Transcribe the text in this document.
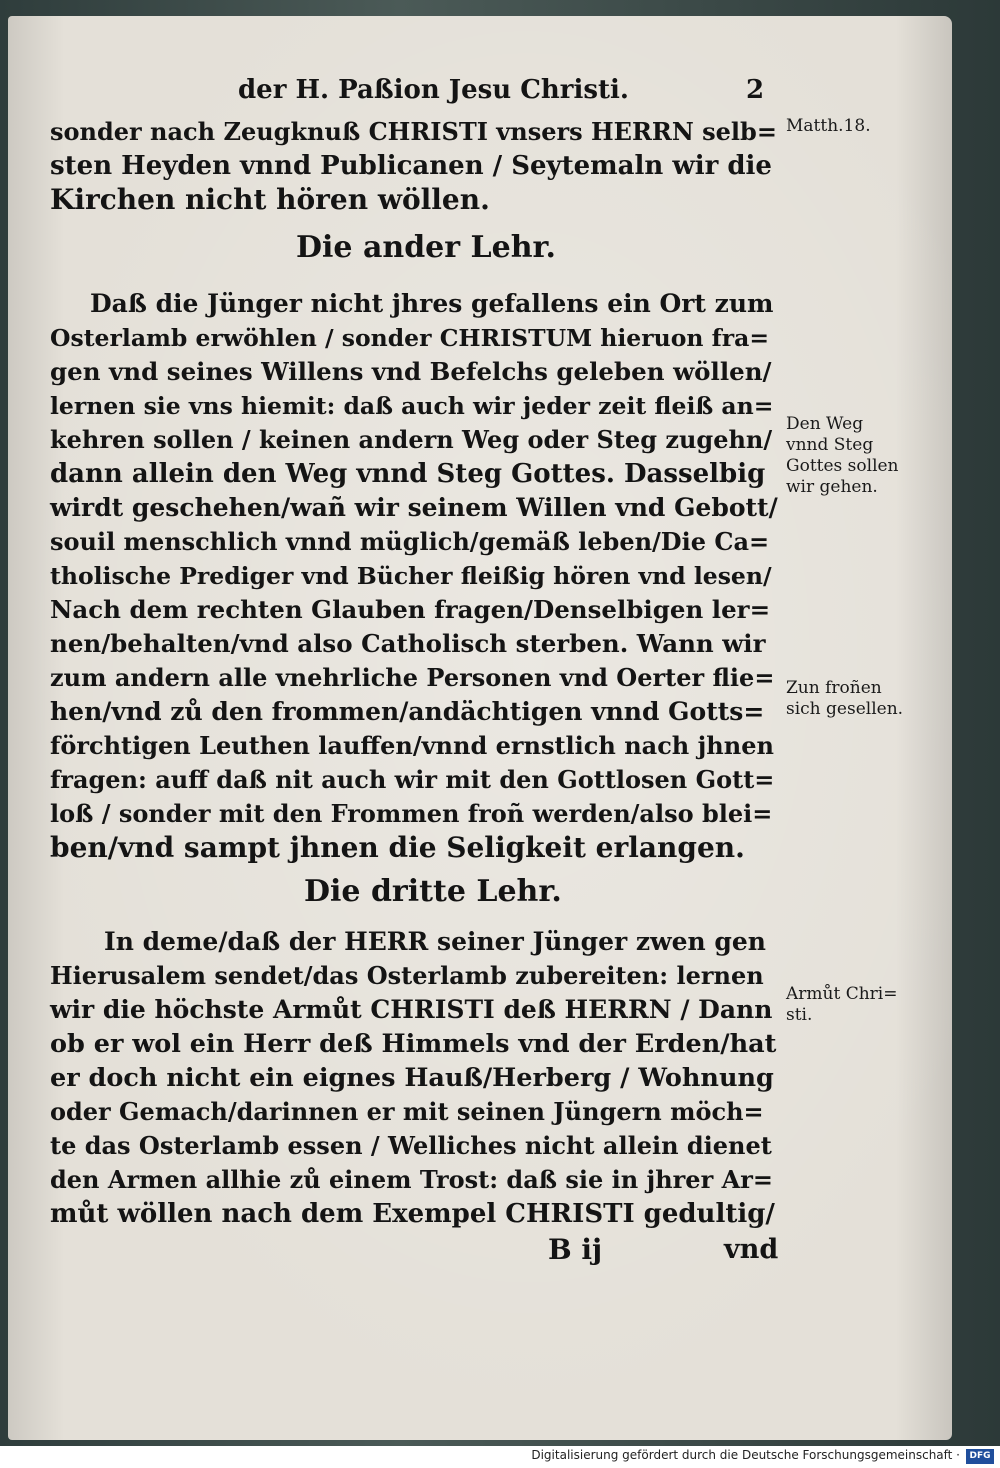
der H. Paßion Jesu Christi.	2
sonder nach Zeugknuß CHRISTI vnsers HERRN selb=
sten Heyden vnnd Publicanen / Seytemaln wir die
Kirchen nicht hören wöllen.
Die ander Lehr.
Daß die Jünger nicht jhres gefallens ein Ort zum
Osterlamb erwöhlen / sonder CHRISTUM hieruon fra=
gen vnd seines Willens vnd Befelchs geleben wöllen/
lernen sie vns hiemit: daß auch wir jeder zeit fleiß an=
kehren sollen / keinen andern Weg oder Steg zugehn/
dann allein den Weg vnnd Steg Gottes. Dasselbig
wirdt geschehen/wañ wir seinem Willen vnd Gebott/
souil menschlich vnnd müglich/gemäß leben/Die Ca=
tholische Prediger vnd Bücher fleißig hören vnd lesen/
Nach dem rechten Glauben fragen/Denselbigen ler=
nen/behalten/vnd also Catholisch sterben. Wann wir
zum andern alle vnehrliche Personen vnd Oerter flie=
hen/vnd zů den frommen/andächtigen vnnd Gotts=
förchtigen Leuthen lauffen/vnnd ernstlich nach jhnen
fragen: auff daß nit auch wir mit den Gottlosen Gott=
loß / sonder mit den Frommen froñ werden/also blei=
ben/vnd sampt jhnen die Seligkeit erlangen.
Die dritte Lehr.
In deme/daß der HERR seiner Jünger zwen gen
Hierusalem sendet/das Osterlamb zubereiten: lernen
wir die höchste Armůt CHRISTI deß HERRN / Dann
ob er wol ein Herr deß Himmels vnd der Erden/hat
er doch nicht ein eignes Hauß/Herberg / Wohnung
oder Gemach/darinnen er mit seinen Jüngern möch=
te das Osterlamb essen / Welliches nicht allein dienet
den Armen allhie zů einem Trost: daß sie in jhrer Ar=
můt wöllen nach dem Exempel CHRISTI gedultig/
B ij	vnd
Matth.18.
Den Weg
vnnd Steg
Gottes sollen
wir gehen.
Zun froñen
sich gesellen.
Armůt Chri=
sti.
Digitalisierung gefördert durch die Deutsche Forschungsgemeinschaft ·	DFG
